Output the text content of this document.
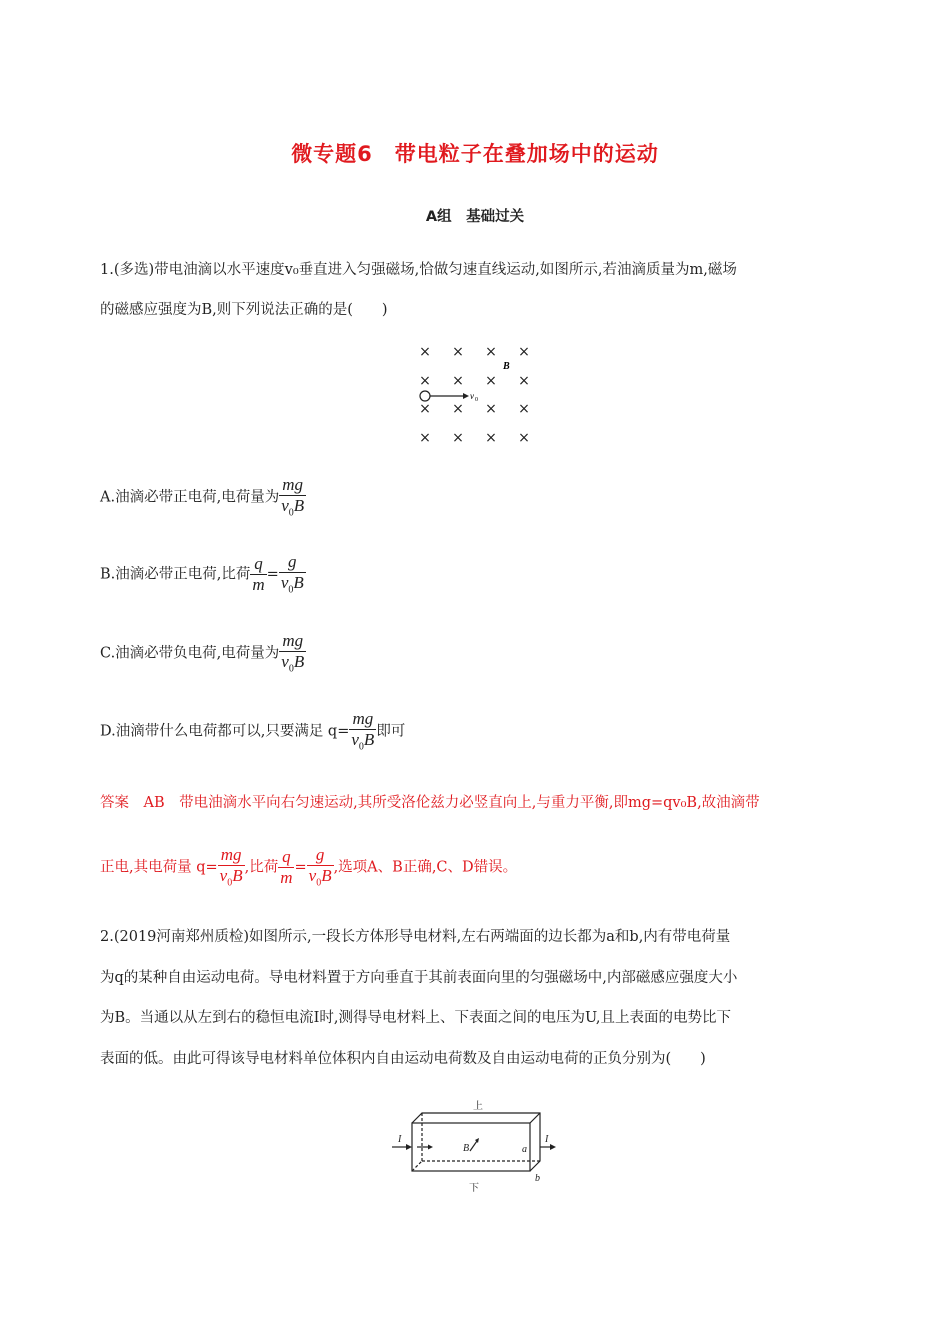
微专题6　带电粒子在叠加场中的运动
A组　基础过关
1.(多选)带电油滴以水平速度v₀垂直进入匀强磁场,恰做匀速直线运动,如图所示,若油滴质量为m,磁场
的磁感应强度为B,则下列说法正确的是(　　)
× × × ×
× × × ×
× × × ×
× × × ×
B
v 0
A.油滴必带正电荷,电荷量为 $\frac{mg}{v_0B}$
B.油滴必带正电荷,比荷 $\frac{q}{m} = \frac{g}{v_0B}$
C.油滴必带负电荷,电荷量为 $\frac{mg}{v_0B}$
D.油滴带什么电荷都可以,只要满足 $q= \frac{mg}{v_0B}$ 即可
答案　AB　带电油滴水平向右匀速运动,其所受洛伦兹力必竖直向上,与重力平衡,即mg=qv₀B,故油滴带
正电,其电荷量 $q= \frac{mg}{v_0B}$ ,比荷 $\frac{q}{m} = \frac{g}{v_0B}$ ,选项A、B正确,C、D错误。
2.(2019河南郑州质检)如图所示,一段长方体形导电材料,左右两端面的边长都为a和b,内有带电荷量
为q的某种自由运动电荷。导电材料置于方向垂直于其前表面向里的匀强磁场中,内部磁感应强度大小
为B。当通以从左到右的稳恒电流I时,测得导电材料上、下表面之间的电压为U,且上表面的电势比下
表面的低。由此可得该导电材料单位体积内自由运动电荷数及自由运动电荷的正负分别为(　　)
I	I
B	a
b
上
下
